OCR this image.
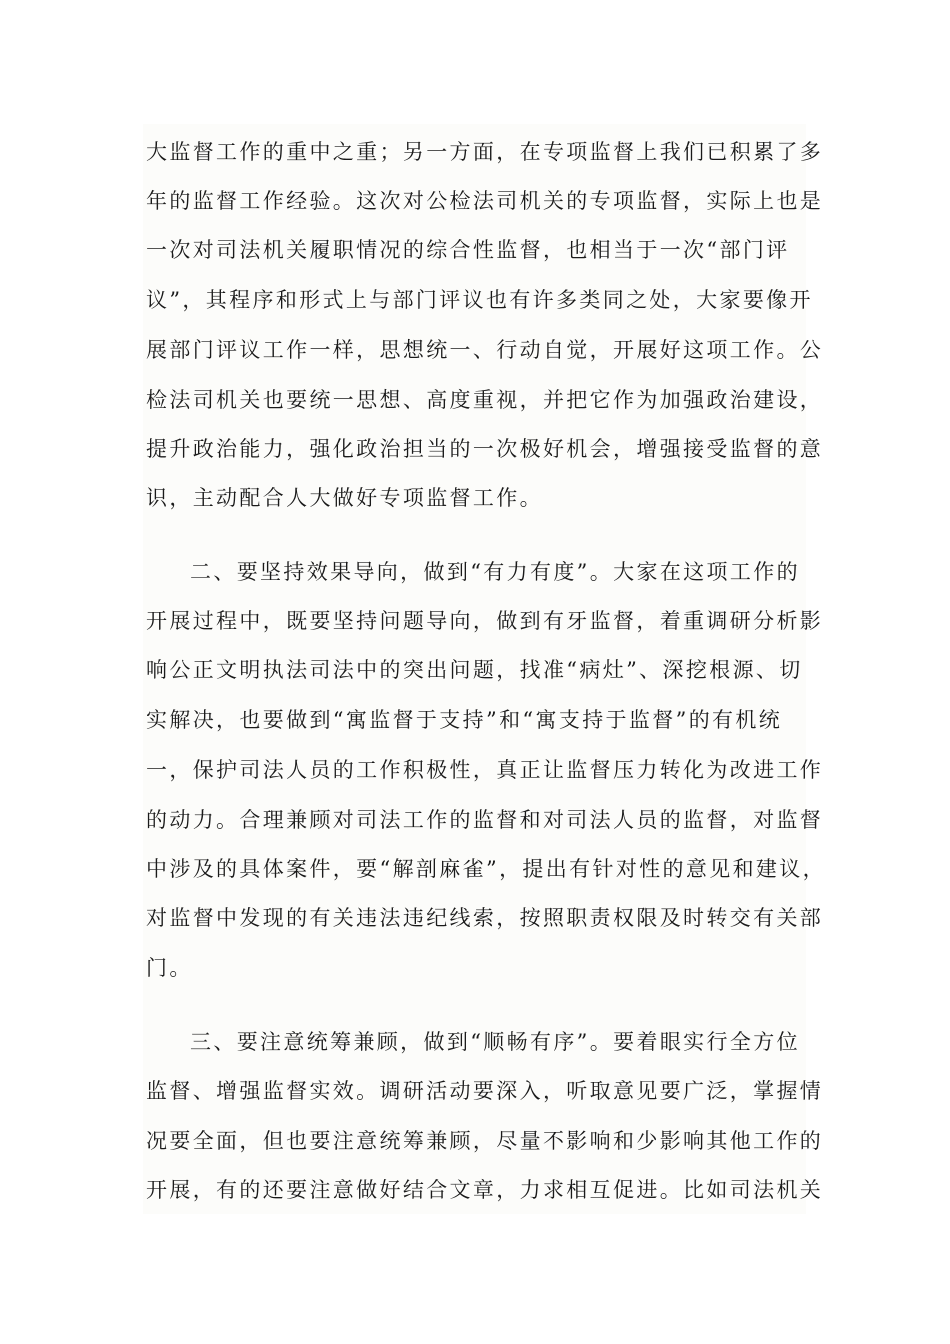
大监督工作的重中之重；另一方面，在专项监督上我们已积累了多

年的监督工作经验。这次对公检法司机关的专项监督，实际上也是

一次对司法机关履职情况的综合性监督，也相当于一次“部门评

议”，其程序和形式上与部门评议也有许多类同之处，大家要像开

展部门评议工作一样，思想统一、行动自觉，开展好这项工作。公

检法司机关也要统一思想、高度重视，并把它作为加强政治建设，

提升政治能力，强化政治担当的一次极好机会，增强接受监督的意

识，主动配合人大做好专项监督工作。

二、要坚持效果导向，做到“有力有度”。大家在这项工作的

开展过程中，既要坚持问题导向，做到有牙监督，着重调研分析影

响公正文明执法司法中的突出问题，找准“病灶”、深挖根源、切

实解决，也要做到“寓监督于支持”和“寓支持于监督”的有机统

一，保护司法人员的工作积极性，真正让监督压力转化为改进工作

的动力。合理兼顾对司法工作的监督和对司法人员的监督，对监督

中涉及的具体案件，要“解剖麻雀”，提出有针对性的意见和建议，

对监督中发现的有关违法违纪线索，按照职责权限及时转交有关部

门。

三、要注意统筹兼顾，做到“顺畅有序”。要着眼实行全方位

监督、增强监督实效。调研活动要深入，听取意见要广泛，掌握情

况要全面，但也要注意统筹兼顾，尽量不影响和少影响其他工作的

开展，有的还要注意做好结合文章，力求相互促进。比如司法机关
